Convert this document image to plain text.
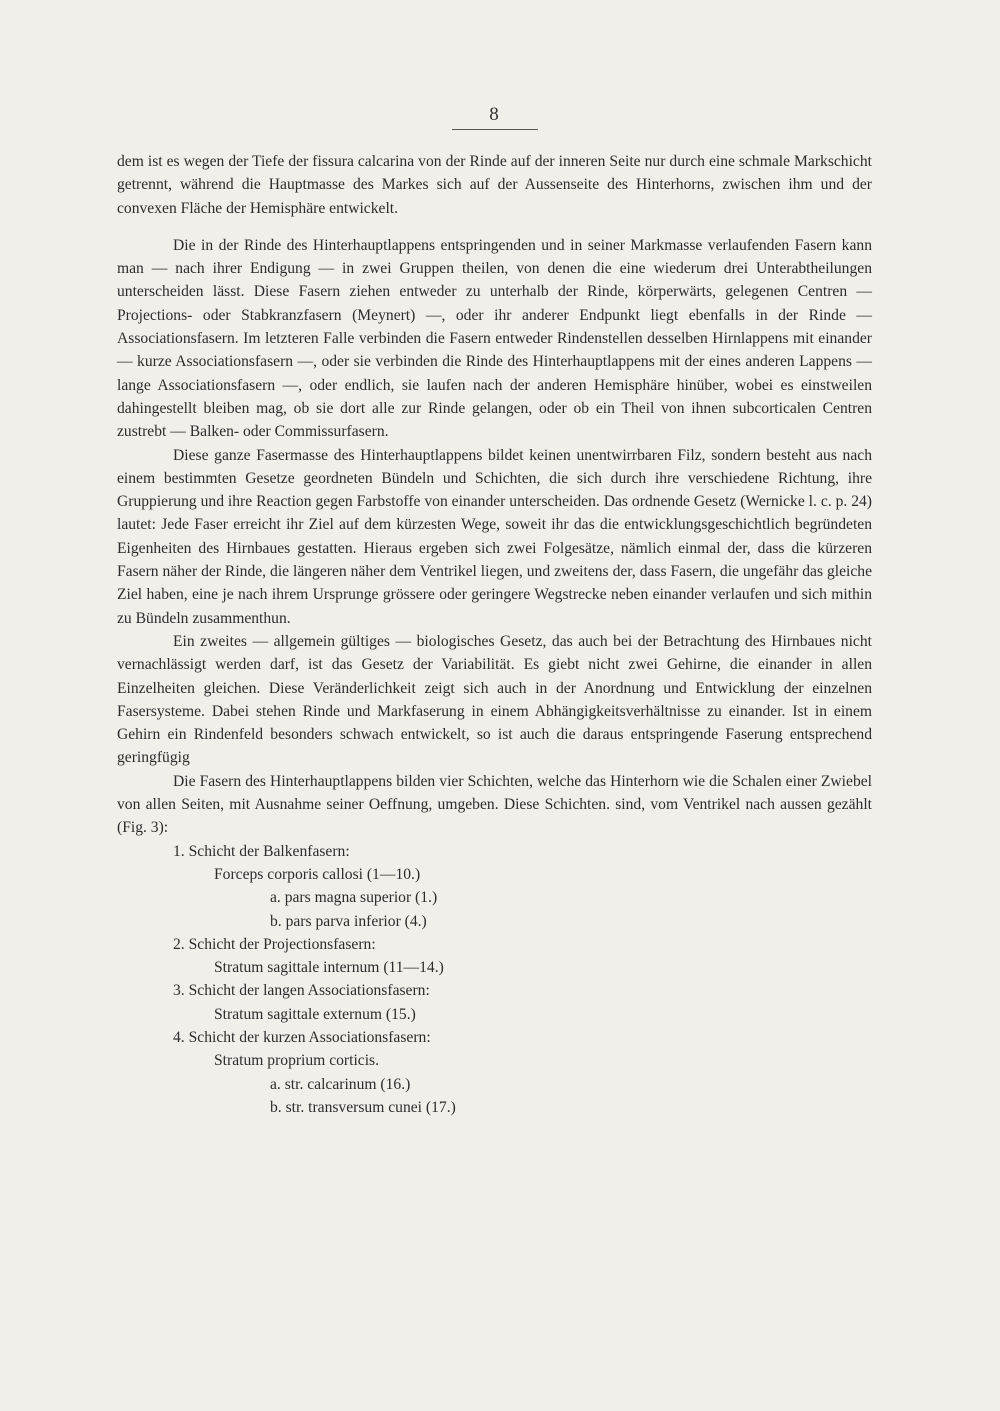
8

dem ist es wegen der Tiefe der fissura calcarina von der Rinde auf der inneren Seite nur durch eine schmale Markschicht getrennt, während die Hauptmasse des Markes sich auf der Aussenseite des Hinterhorns, zwischen ihm und der convexen Fläche der Hemisphäre entwickelt.

Die in der Rinde des Hinterhauptlappens entspringenden und in seiner Markmasse verlaufenden Fasern kann man — nach ihrer Endigung — in zwei Gruppen theilen, von denen die eine wiederum drei Unterabtheilungen unterscheiden lässt. Diese Fasern ziehen entweder zu unterhalb der Rinde, körperwärts, gelegenen Centren — Projections- oder Stabkranzfasern (Meynert) —, oder ihr anderer Endpunkt liegt ebenfalls in der Rinde — Associationsfasern. Im letzteren Falle verbinden die Fasern entweder Rindenstellen desselben Hirnlappens mit einander — kurze Associationsfasern —, oder sie verbinden die Rinde des Hinterhauptlappens mit der eines anderen Lappens — lange Associationsfasern —, oder endlich, sie laufen nach der anderen Hemisphäre hinüber, wobei es einstweilen dahingestellt bleiben mag, ob sie dort alle zur Rinde gelangen, oder ob ein Theil von ihnen subcorticalen Centren zustrebt — Balken- oder Commissurfasern.

Diese ganze Fasermasse des Hinterhauptlappens bildet keinen unentwirrbaren Filz, sondern besteht aus nach einem bestimmten Gesetze geordneten Bündeln und Schichten, die sich durch ihre verschiedene Richtung, ihre Gruppierung und ihre Reaction gegen Farbstoffe von einander unterscheiden. Das ordnende Gesetz (Wernicke l. c. p. 24) lautet: Jede Faser erreicht ihr Ziel auf dem kürzesten Wege, soweit ihr das die entwicklungsgeschichtlich begründeten Eigenheiten des Hirnbaues gestatten. Hieraus ergeben sich zwei Folgesätze, nämlich einmal der, dass die kürzeren Fasern näher der Rinde, die längeren näher dem Ventrikel liegen, und zweitens der, dass Fasern, die ungefähr das gleiche Ziel haben, eine je nach ihrem Ursprunge grössere oder geringere Wegstrecke neben einander verlaufen und sich mithin zu Bündeln zusammenthun.

Ein zweites — allgemein gültiges — biologisches Gesetz, das auch bei der Betrachtung des Hirnbaues nicht vernachlässigt werden darf, ist das Gesetz der Variabilität. Es giebt nicht zwei Gehirne, die einander in allen Einzelheiten gleichen. Diese Veränderlichkeit zeigt sich auch in der Anordnung und Entwicklung der einzelnen Fasersysteme. Dabei stehen Rinde und Markfaserung in einem Abhängigkeitsverhältnisse zu einander. Ist in einem Gehirn ein Rindenfeld besonders schwach entwickelt, so ist auch die daraus entspringende Faserung entsprechend geringfügig

Die Fasern des Hinterhauptlappens bilden vier Schichten, welche das Hinterhorn wie die Schalen einer Zwiebel von allen Seiten, mit Ausnahme seiner Oeffnung, umgeben. Diese Schichten. sind, vom Ventrikel nach aussen gezählt (Fig. 3):

1. Schicht der Balkenfasern:
Forceps corporis callosi (1—10.)
a. pars magna superior (1.)
b. pars parva inferior (4.)
2. Schicht der Projectionsfasern:
Stratum sagittale internum (11—14.)
3. Schicht der langen Associationsfasern:
Stratum sagittale externum (15.)
4. Schicht der kurzen Associationsfasern:
Stratum proprium corticis.
a. str. calcarinum (16.)
b. str. transversum cunei (17.)
